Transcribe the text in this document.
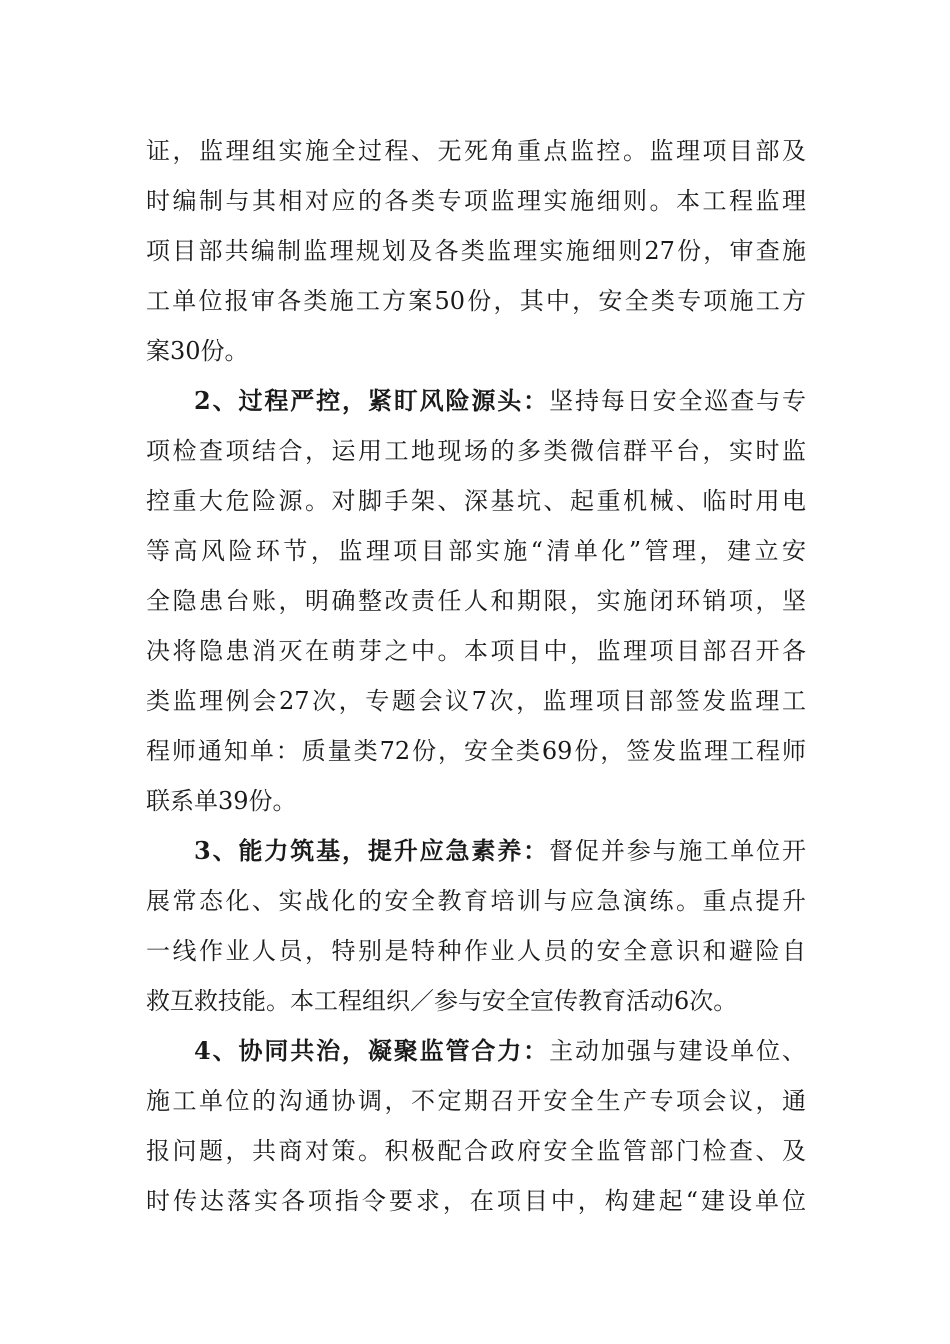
证，监理组实施全过程、无死角重点监控。监理项目部及
时编制与其相对应的各类专项监理实施细则。本工程监理
项目部共编制监理规划及各类监理实施细则27份，审查施
工单位报审各类施工方案50份，其中，安全类专项施工方
案30份。
2、过程严控，紧盯风险源头：坚持每日安全巡查与专
项检查项结合，运用工地现场的多类微信群平台，实时监
控重大危险源。对脚手架、深基坑、起重机械、临时用电
等高风险环节，监理项目部实施“清单化”管理，建立安
全隐患台账，明确整改责任人和期限，实施闭环销项，坚
决将隐患消灭在萌芽之中。本项目中，监理项目部召开各
类监理例会27次，专题会议7次，监理项目部签发监理工
程师通知单：质量类72份，安全类69份，签发监理工程师
联系单39份。
3、能力筑基，提升应急素养：督促并参与施工单位开
展常态化、实战化的安全教育培训与应急演练。重点提升
一线作业人员，特别是特种作业人员的安全意识和避险自
救互救技能。本工程组织／参与安全宣传教育活动6次。
4、协同共治，凝聚监管合力：主动加强与建设单位、
施工单位的沟通协调，不定期召开安全生产专项会议，通
报问题，共商对策。积极配合政府安全监管部门检查、及
时传达落实各项指令要求，在项目中，构建起“建设单位
